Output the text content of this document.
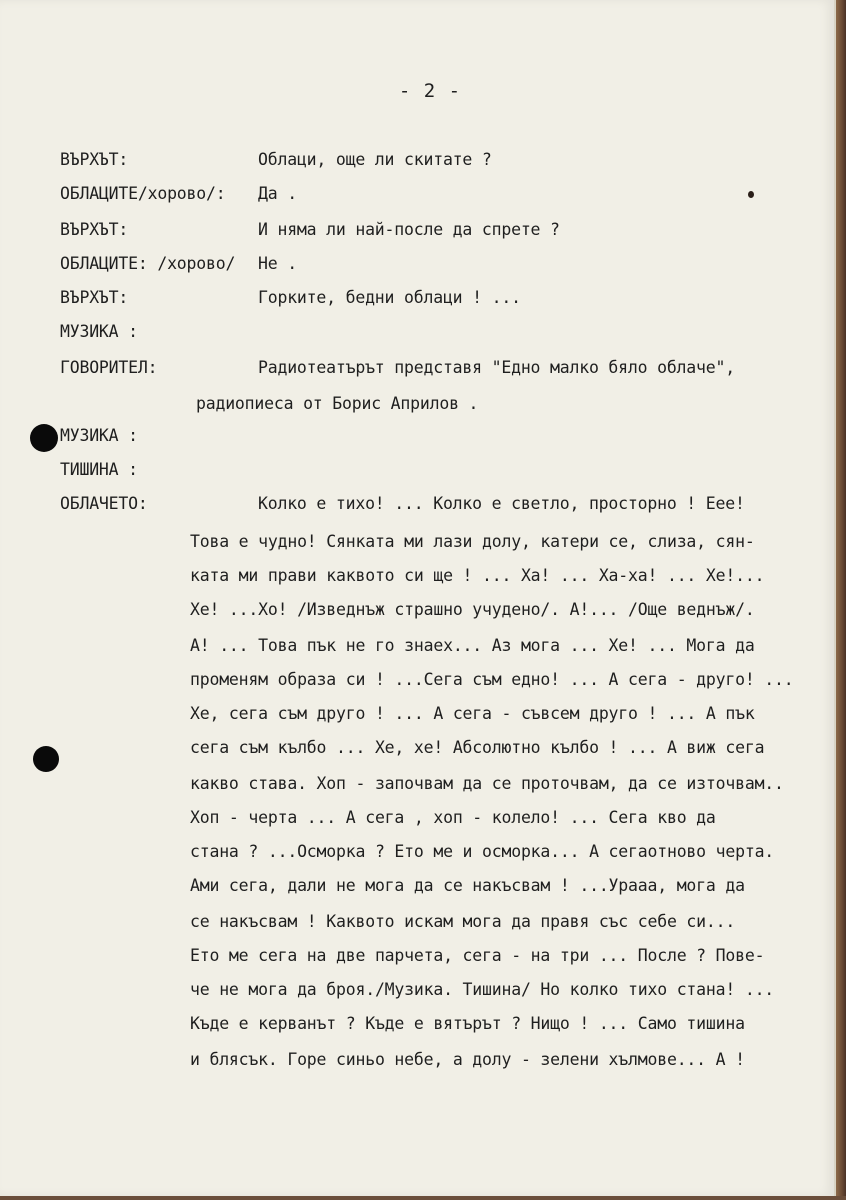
- 2 -
ВЪРХЪТ:	Облаци, още ли скитате ?
ОБЛАЦИТЕ/хорово/: Да .
ВЪРХЪТ:	И няма ли най-после да спрете ?
ОБЛАЦИТЕ: /хорово/ Не .
ВЪРХЪТ:	Горките, бедни облаци ! ...
МУЗИКА :
ГОВОРИТЕЛ:	Радиотеатърът представя "Едно малко бяло облаче",
радиопиеса от Борис Априлов .
МУЗИКА :
ТИШИНА :
ОБЛАЧЕТО:	Колко е тихо! ... Колко е светло, просторно ! Еее!
Това е чудно! Сянката ми лази долу, катери се, слиза, сян-
ката ми прави каквото си ще ! ... Ха! ... Ха-ха! ... Хе!...
Хе! ...Хо! /Изведнъж страшно учудено/. А!... /Още веднъж/.
А! ... Това пък не го знаех... Аз мога ... Хе! ... Мога да
променям образа си ! ...Сега съм едно! ... А сега - друго! ...
Хе, сега съм друго ! ... А сега - съвсем друго ! ... А пък
сега съм кълбо ... Хе, хе! Абсолютно кълбо ! ... А виж сега
какво става. Хоп - започвам да се проточвам, да се източвам..
Хоп - черта ... А сега , хоп - колело! ... Сега кво да
стана ? ...Осморка ? Ето ме и осморка... А сегаотново черта.
Ами сега, дали не мога да се накъсвам ! ...Урааа, мога да
се накъсвам ! Каквото искам мога да правя със себе си...
Ето ме сега на две парчета, сега - на три ... После ? Пове-
че не мога да броя./Музика. Тишина/ Но колко тихо стана! ...
Къде е керванът ? Къде е вятърът ? Нищо ! ... Само тишина
и блясък. Горе синьо небе, а долу - зелени хълмове... А !
